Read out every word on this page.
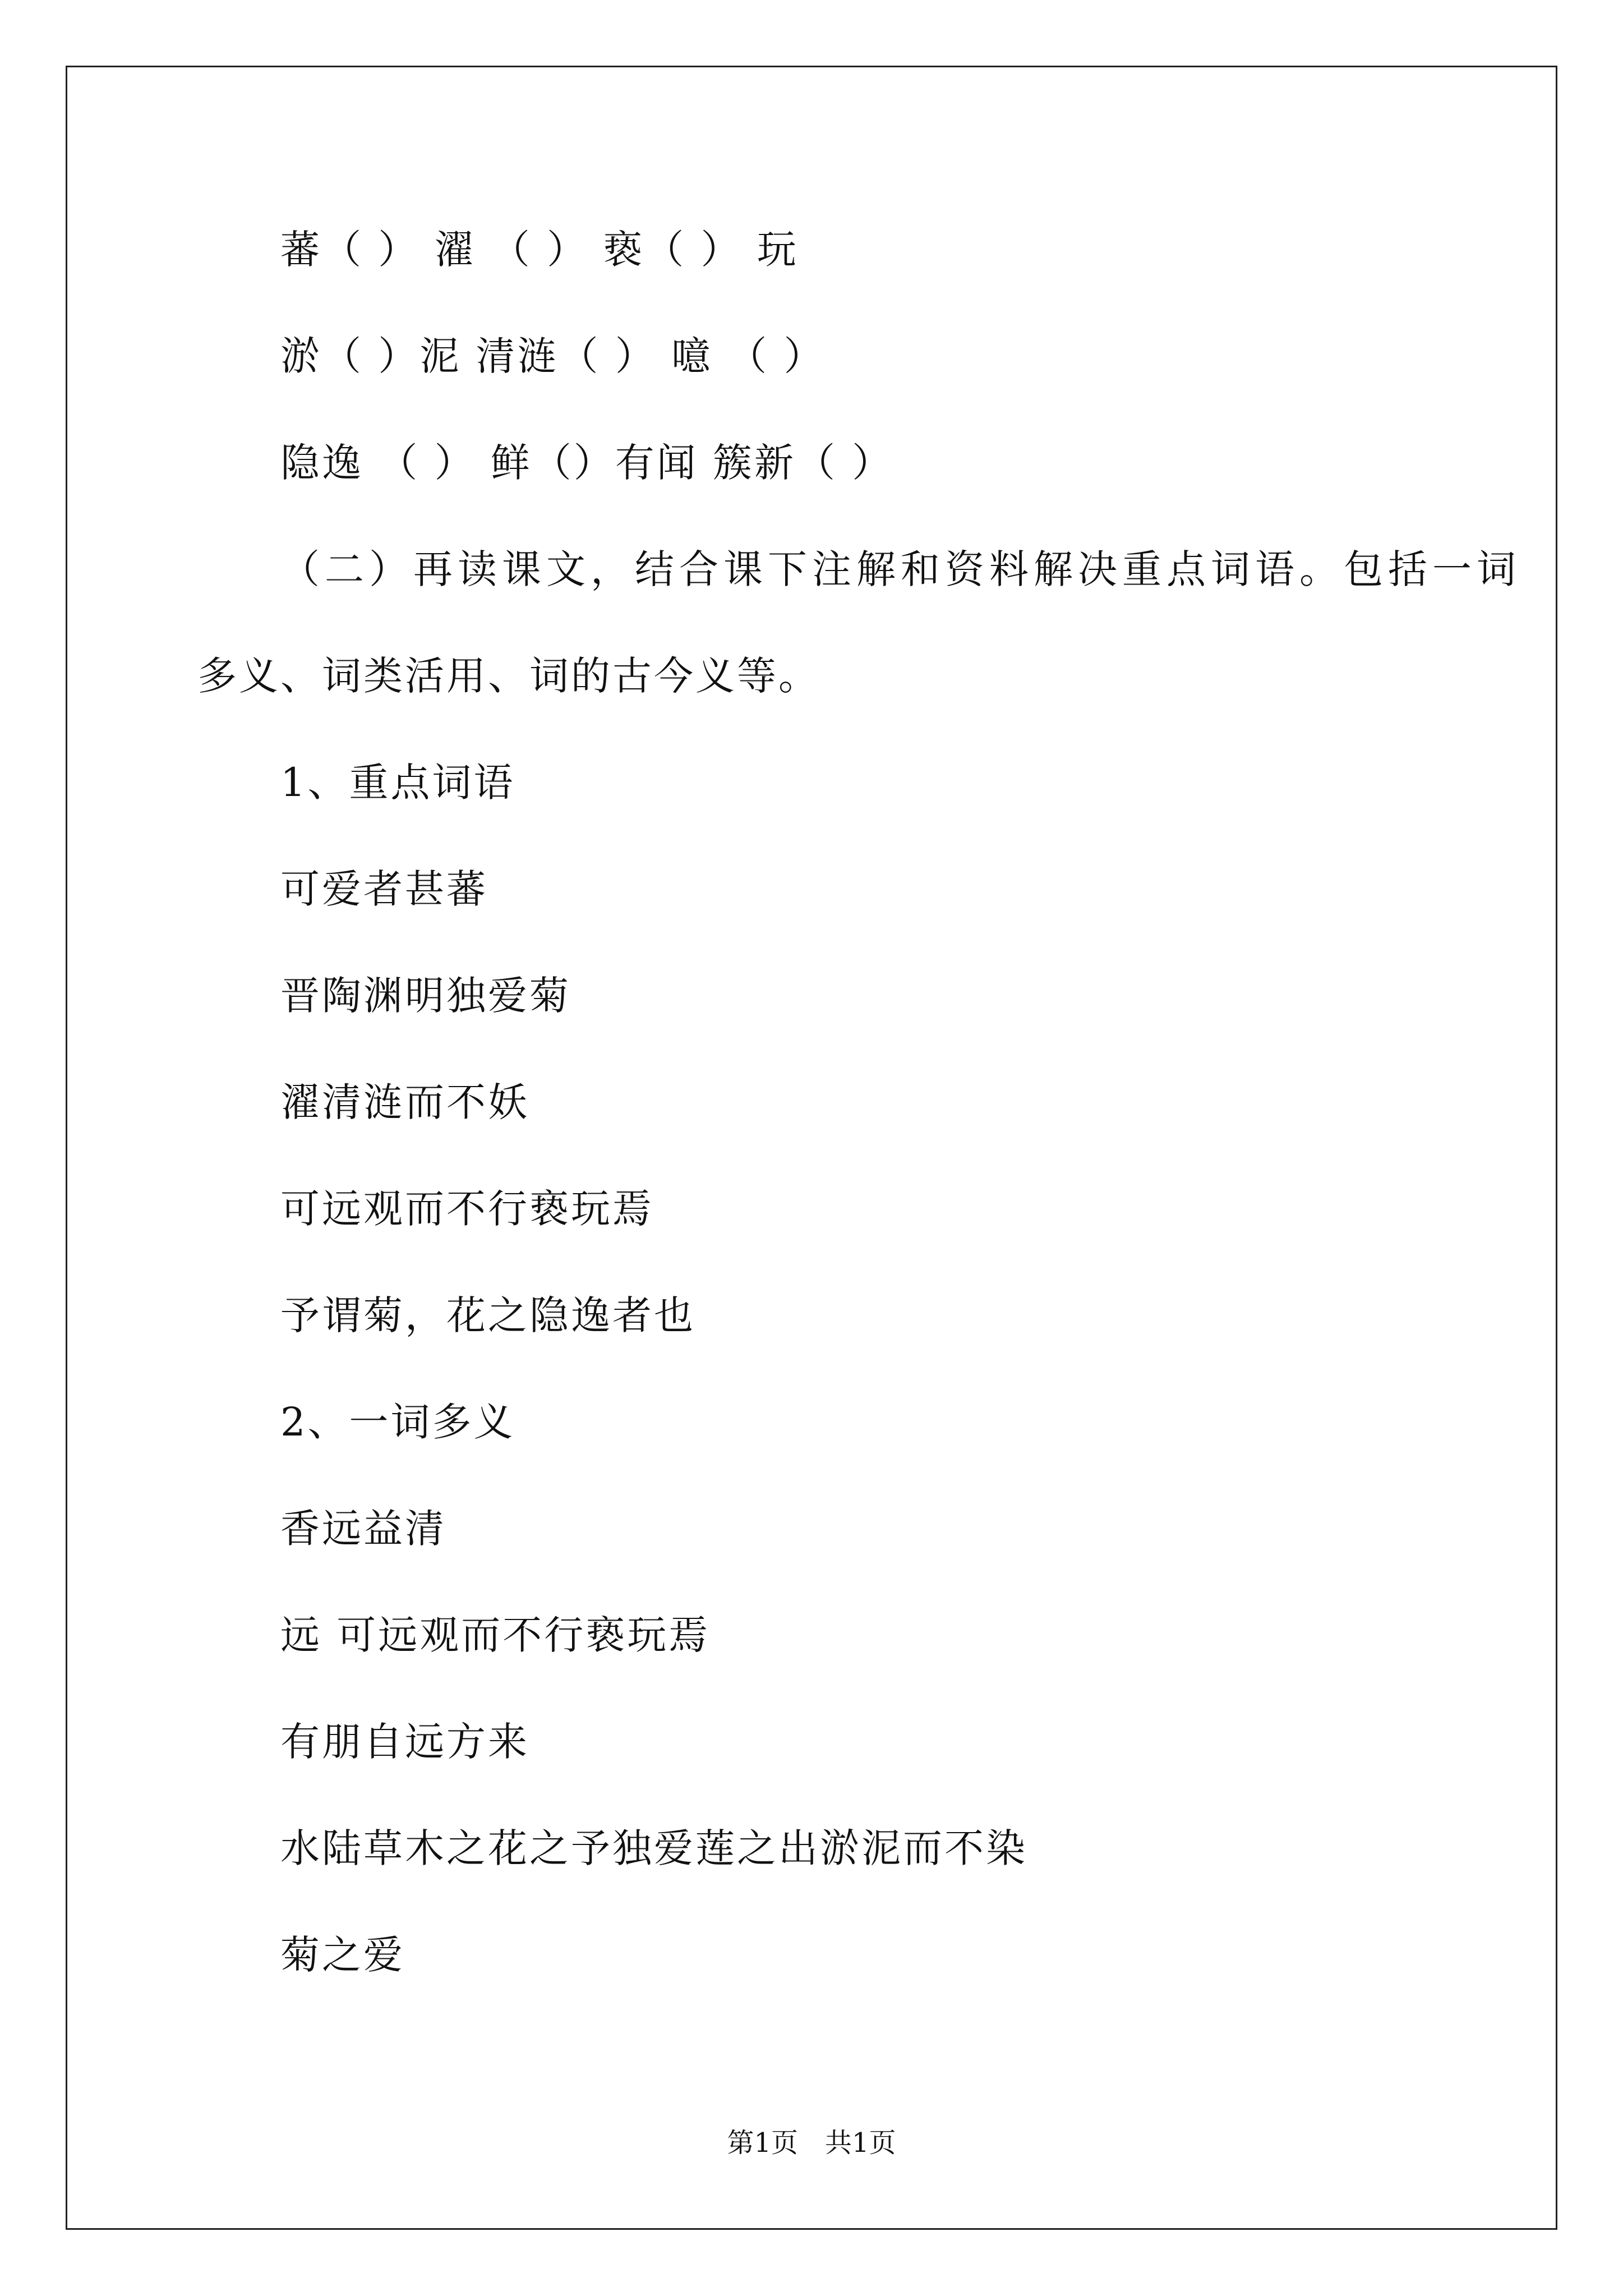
蕃（ ） 濯 （ ） 亵（ ） 玩
淤（ ）泥 清涟（ ） 噫 （ ）
隐逸 （ ） 鲜（）有闻 簇新（ ）
（二）再读课文，结合课下注解和资料解决重点词语。包括一词
多义、词类活用、词的古今义等。
1、重点词语
可爱者甚蕃
晋陶渊明独爱菊
濯清涟而不妖
可远观而不行亵玩焉
予谓菊，花之隐逸者也
2、一词多义
香远益清
远 可远观而不行亵玩焉
有朋自远方来
水陆草木之花之予独爱莲之出淤泥而不染
菊之爱
第1页　共1页
